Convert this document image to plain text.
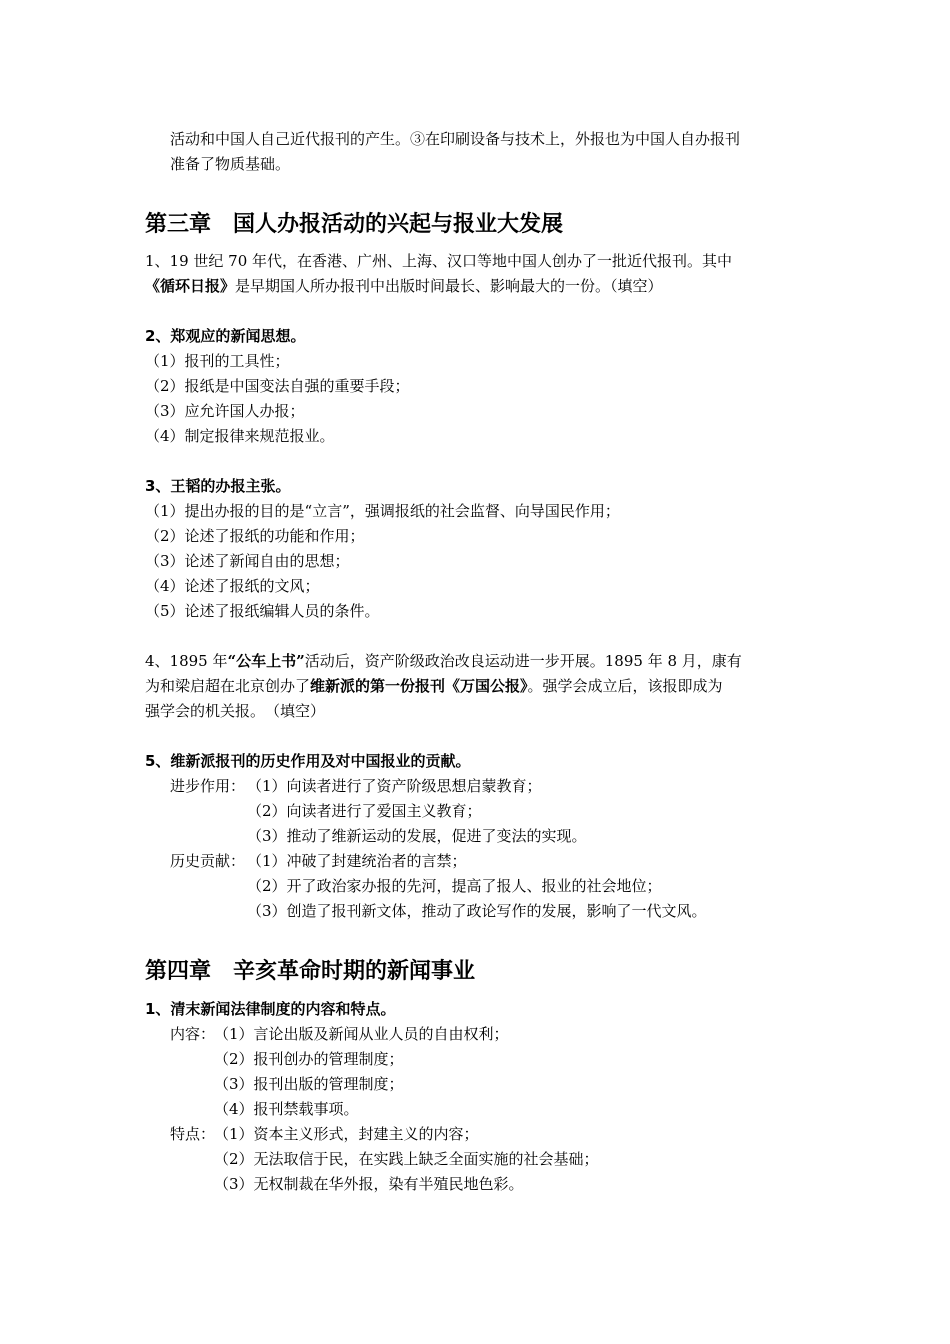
活动和中国人自己近代报刊的产生。③在印刷设备与技术上，外报也为中国人自办报刊
准备了物质基础。
第三章　国人办报活动的兴起与报业大发展
1、19 世纪 70 年代，在香港、广州、上海、汉口等地中国人创办了一批近代报刊。其中
《循环日报》是早期国人所办报刊中出版时间最长、影响最大的一份。（填空）
2、郑观应的新闻思想。
（1）报刊的工具性；
（2）报纸是中国变法自强的重要手段；
（3）应允许国人办报；
（4）制定报律来规范报业。
3、王韬的办报主张。
（1）提出办报的目的是“立言”，强调报纸的社会监督、向导国民作用；
（2）论述了报纸的功能和作用；
（3）论述了新闻自由的思想；
（4）论述了报纸的文风；
（5）论述了报纸编辑人员的条件。
4、1895 年“公车上书”活动后，资产阶级政治改良运动进一步开展。1895 年 8 月，康有
为和梁启超在北京创办了维新派的第一份报刊《万国公报》。强学会成立后，该报即成为
强学会的机关报。　（填空）
5、维新派报刊的历史作用及对中国报业的贡献。
进步作用： （1）向读者进行了资产阶级思想启蒙教育；
（2）向读者进行了爱国主义教育；
（3）推动了维新运动的发展，促进了变法的实现。
历史贡献： （1）冲破了封建统治者的言禁；
（2）开了政治家办报的先河，提高了报人、报业的社会地位；
（3）创造了报刊新文体，推动了政论写作的发展，影响了一代文风。
第四章　辛亥革命时期的新闻事业
1、清末新闻法律制度的内容和特点。
内容：
（1）言论出版及新闻从业人员的自由权利；
（2）报刊创办的管理制度；
（3）报刊出版的管理制度；
（4）报刊禁载事项。
特点：
（1）资本主义形式，封建主义的内容；
（2）无法取信于民，在实践上缺乏全面实施的社会基础；
（3）无权制裁在华外报，染有半殖民地色彩。
